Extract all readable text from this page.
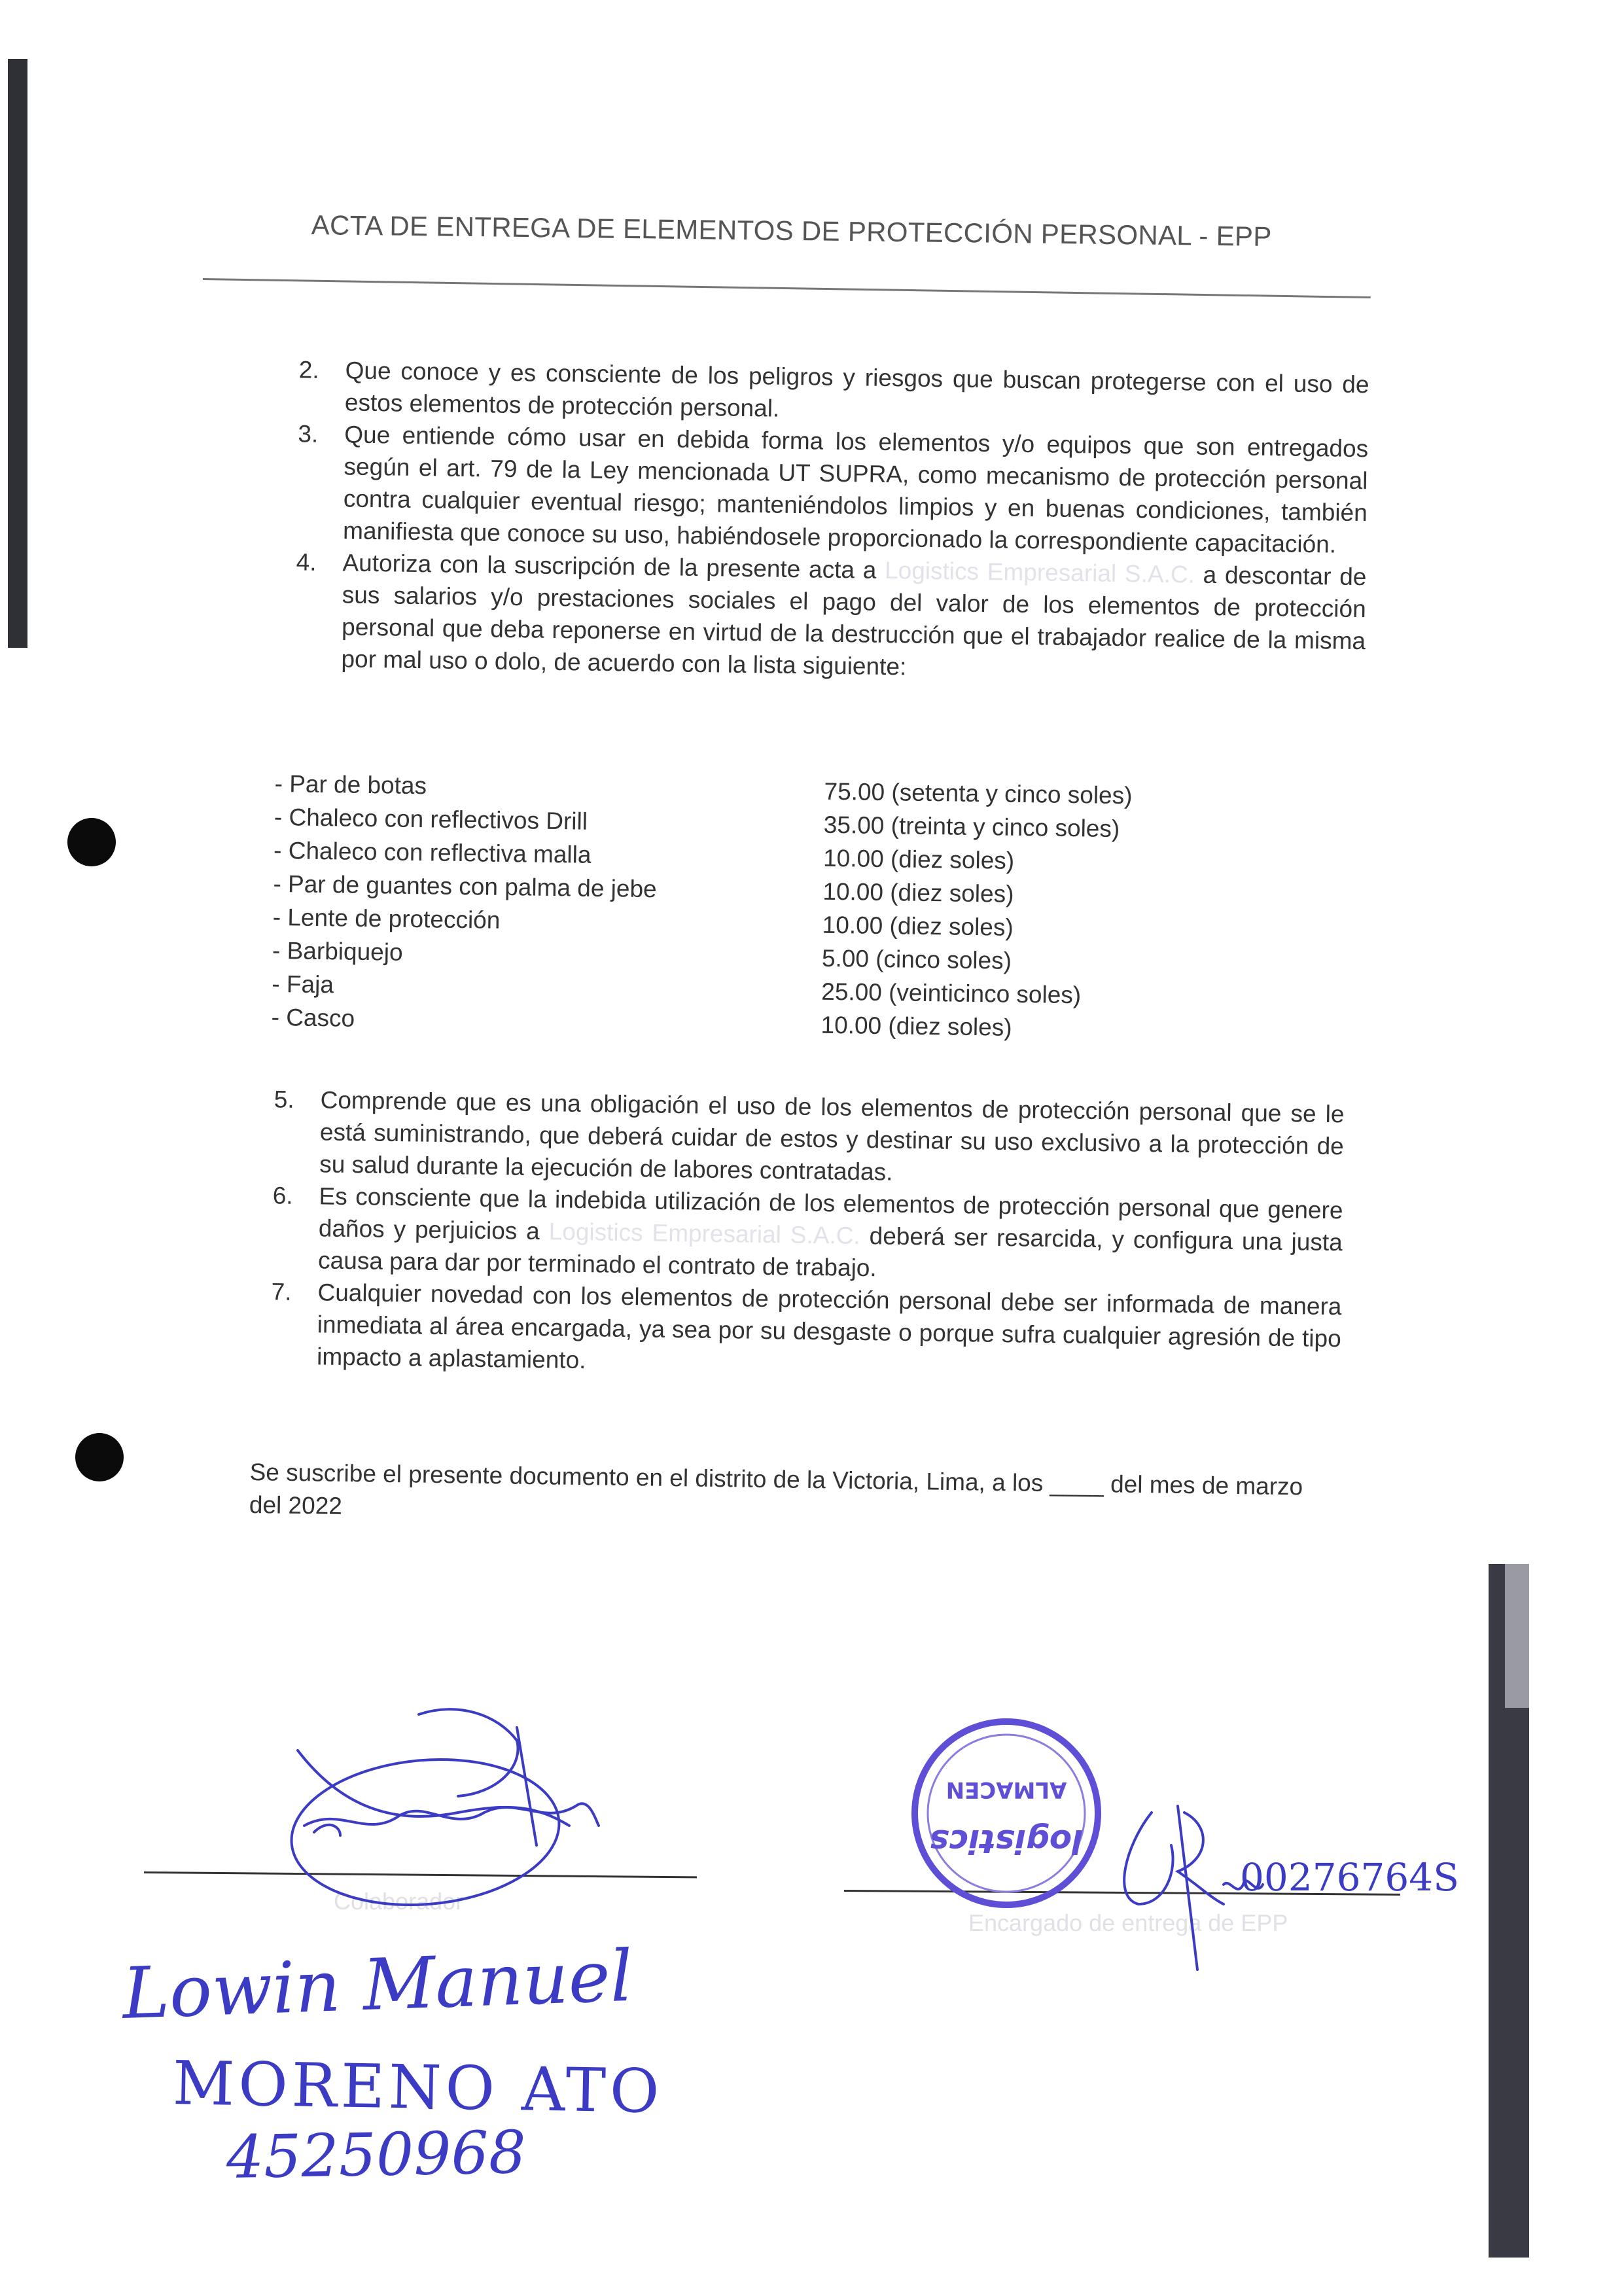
ACTA DE ENTREGA DE ELEMENTOS DE PROTECCIÓN PERSONAL - EPP
2.	Que conoce y es consciente de los peligros y riesgos que buscan protegerse con el uso de estos elementos de protección personal.
3.	Que entiende cómo usar en debida forma los elementos y/o equipos que son entregados según el art. 79 de la Ley mencionada UT SUPRA, como mecanismo de protección personal contra cualquier eventual riesgo; manteniéndolos limpios y en buenas condiciones, también manifiesta que conoce su uso, habiéndosele proporcionado la correspondiente capacitación.
4.	Autoriza con la suscripción de la presente acta a Logistics Empresarial S.A.C. a descontar de sus salarios y/o prestaciones sociales el pago del valor de los elementos de protección personal que deba reponerse en virtud de la destrucción que el trabajador realice de la misma por mal uso o dolo, de acuerdo con la lista siguiente:
- Par de botas	75.00 (setenta y cinco soles)
- Chaleco con reflectivos Drill	35.00 (treinta y cinco soles)
- Chaleco con reflectiva malla	10.00 (diez soles)
- Par de guantes con palma de jebe	10.00 (diez soles)
- Lente de protección	10.00 (diez soles)
- Barbiquejo	5.00 (cinco soles)
- Faja	25.00 (veinticinco soles)
- Casco	10.00 (diez soles)
5.	Comprende que es una obligación el uso de los elementos de protección personal que se le está suministrando, que deberá cuidar de estos y destinar su uso exclusivo a la protección de su salud durante la ejecución de labores contratadas.
6.	Es consciente que la indebida utilización de los elementos de protección personal que genere daños y perjuicios a Logistics Empresarial S.A.C. deberá ser resarcida, y configura una justa causa para dar por terminado el contrato de trabajo.
7.	Cualquier novedad con los elementos de protección personal debe ser informada de manera inmediata al área encargada, ya sea por su desgaste o porque sufra cualquier agresión de tipo impacto a aplastamiento.
Se suscribe el presente documento en el distrito de la Victoria, Lima, a los ____ del mes de marzo del 2022
Colaborador
Encargado de entrega de EPP
logistics
ALMACEN
00276764S
Lowin Manuel
MORENO ATO
45250968
